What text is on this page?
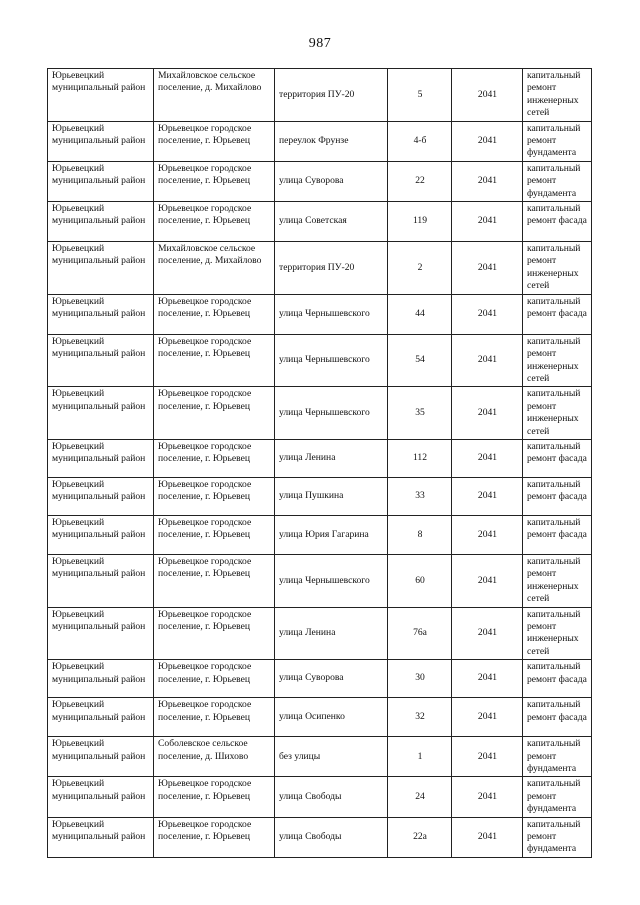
987
Юрьевецкий муниципальный район	Михайловское сельское поселение, д. Михайлово	территория ПУ-20	5	2041	капитальный ремонт инженерных сетей
Юрьевецкий муниципальный район	Юрьевецкое городское поселение, г. Юрьевец	переулок Фрунзе	4-б	2041	капитальный ремонт фундамента
Юрьевецкий муниципальный район	Юрьевецкое городское поселение, г. Юрьевец	улица Суворова	22	2041	капитальный ремонт фундамента
Юрьевецкий муниципальный район	Юрьевецкое городское поселение, г. Юрьевец	улица Советская	119	2041	капитальный ремонт фасада
Юрьевецкий муниципальный район	Михайловское сельское поселение, д. Михайлово	территория ПУ-20	2	2041	капитальный ремонт инженерных сетей
Юрьевецкий муниципальный район	Юрьевецкое городское поселение, г. Юрьевец	улица Чернышевского	44	2041	капитальный ремонт фасада
Юрьевецкий муниципальный район	Юрьевецкое городское поселение, г. Юрьевец	улица Чернышевского	54	2041	капитальный ремонт инженерных сетей
Юрьевецкий муниципальный район	Юрьевецкое городское поселение, г. Юрьевец	улица Чернышевского	35	2041	капитальный ремонт инженерных сетей
Юрьевецкий муниципальный район	Юрьевецкое городское поселение, г. Юрьевец	улица Ленина	112	2041	капитальный ремонт фасада
Юрьевецкий муниципальный район	Юрьевецкое городское поселение, г. Юрьевец	улица Пушкина	33	2041	капитальный ремонт фасада
Юрьевецкий муниципальный район	Юрьевецкое городское поселение, г. Юрьевец	улица Юрия Гагарина	8	2041	капитальный ремонт фасада
Юрьевецкий муниципальный район	Юрьевецкое городское поселение, г. Юрьевец	улица Чернышевского	60	2041	капитальный ремонт инженерных сетей
Юрьевецкий муниципальный район	Юрьевецкое городское поселение, г. Юрьевец	улица Ленина	76а	2041	капитальный ремонт инженерных сетей
Юрьевецкий муниципальный район	Юрьевецкое городское поселение, г. Юрьевец	улица Суворова	30	2041	капитальный ремонт фасада
Юрьевецкий муниципальный район	Юрьевецкое городское поселение, г. Юрьевец	улица Осипенко	32	2041	капитальный ремонт фасада
Юрьевецкий муниципальный район	Соболевское сельское поселение, д. Шихово	без улицы	1	2041	капитальный ремонт фундамента
Юрьевецкий муниципальный район	Юрьевецкое городское поселение, г. Юрьевец	улица Свободы	24	2041	капитальный ремонт фундамента
Юрьевецкий муниципальный район	Юрьевецкое городское поселение, г. Юрьевец	улица Свободы	22а	2041	капитальный ремонт фундамента
